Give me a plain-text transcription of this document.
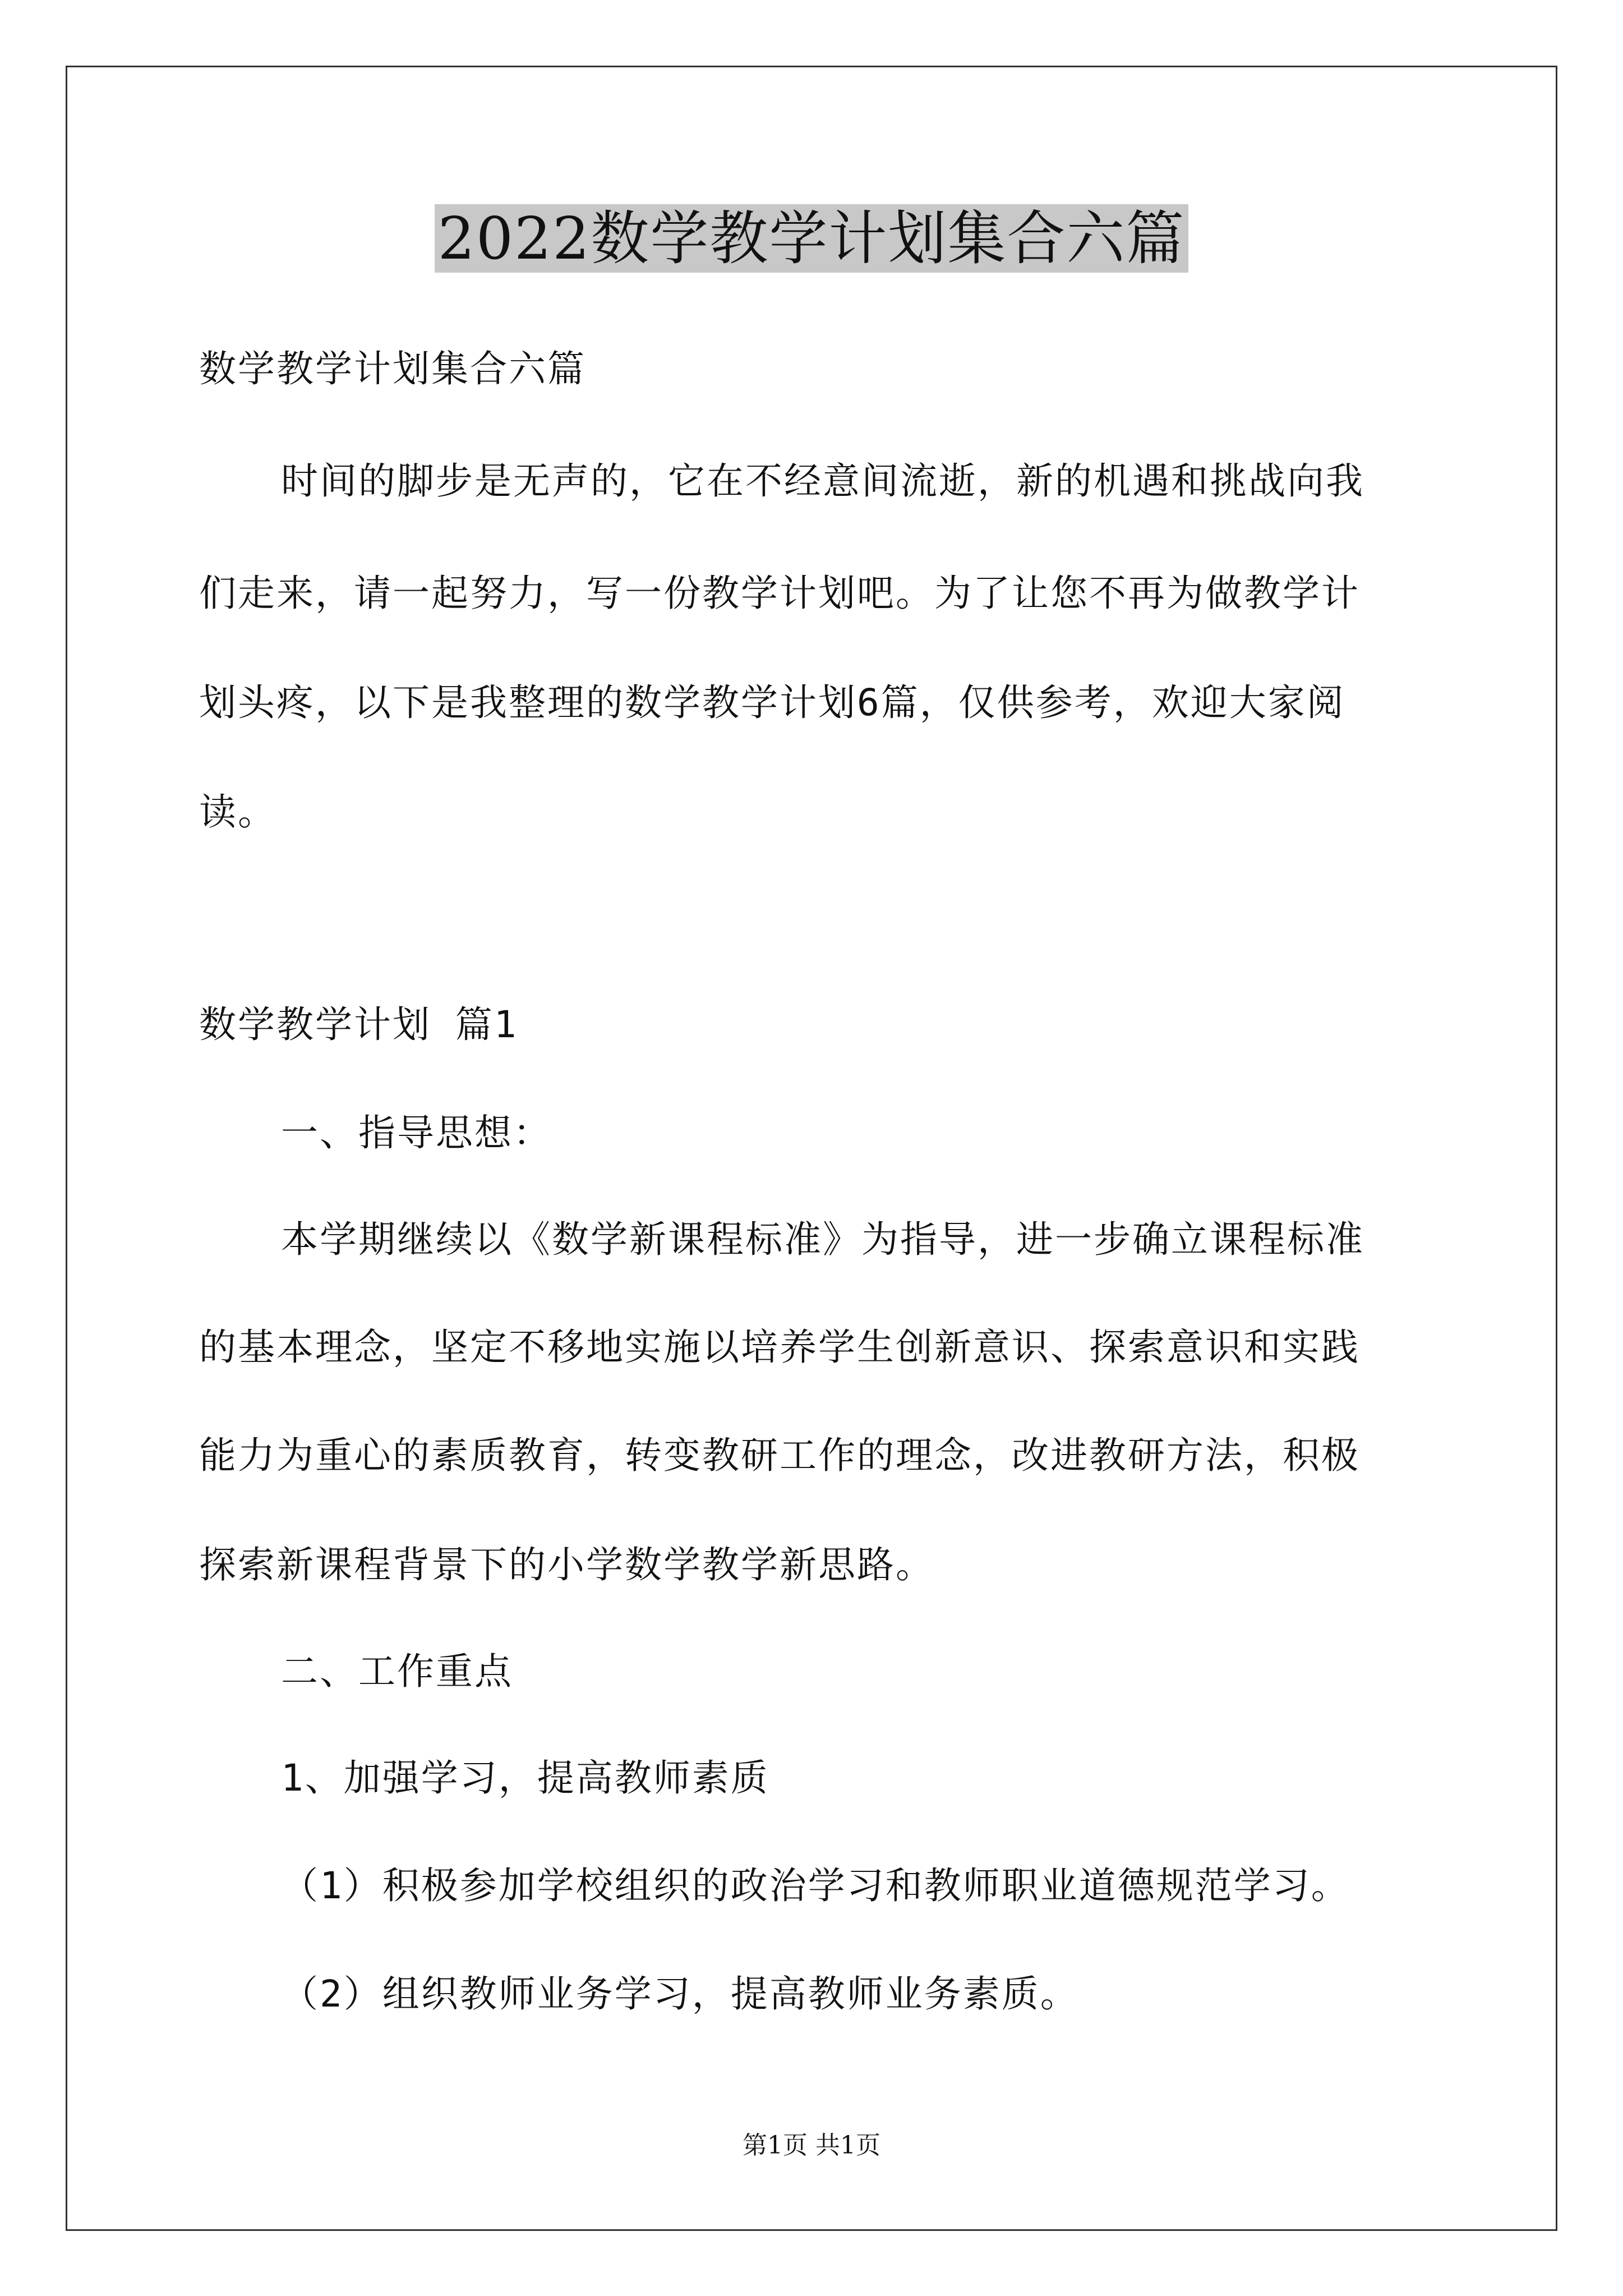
2022数学教学计划集合六篇

数学教学计划集合六篇

时间的脚步是无声的，它在不经意间流逝，新的机遇和挑战向我

们走来，请一起努力，写一份教学计划吧。为了让您不再为做教学计

划头疼，以下是我整理的数学教学计划6篇，仅供参考，欢迎大家阅

读。

数学教学计划 篇1

一、指导思想：

本学期继续以《数学新课程标准》为指导，进一步确立课程标准

的基本理念，坚定不移地实施以培养学生创新意识、探索意识和实践

能力为重心的素质教育，转变教研工作的理念，改进教研方法，积极

探索新课程背景下的小学数学教学新思路。

二、工作重点

1、加强学习，提高教师素质

（1）积极参加学校组织的政治学习和教师职业道德规范学习。

（2）组织教师业务学习，提高教师业务素质。

第1页 共1页
